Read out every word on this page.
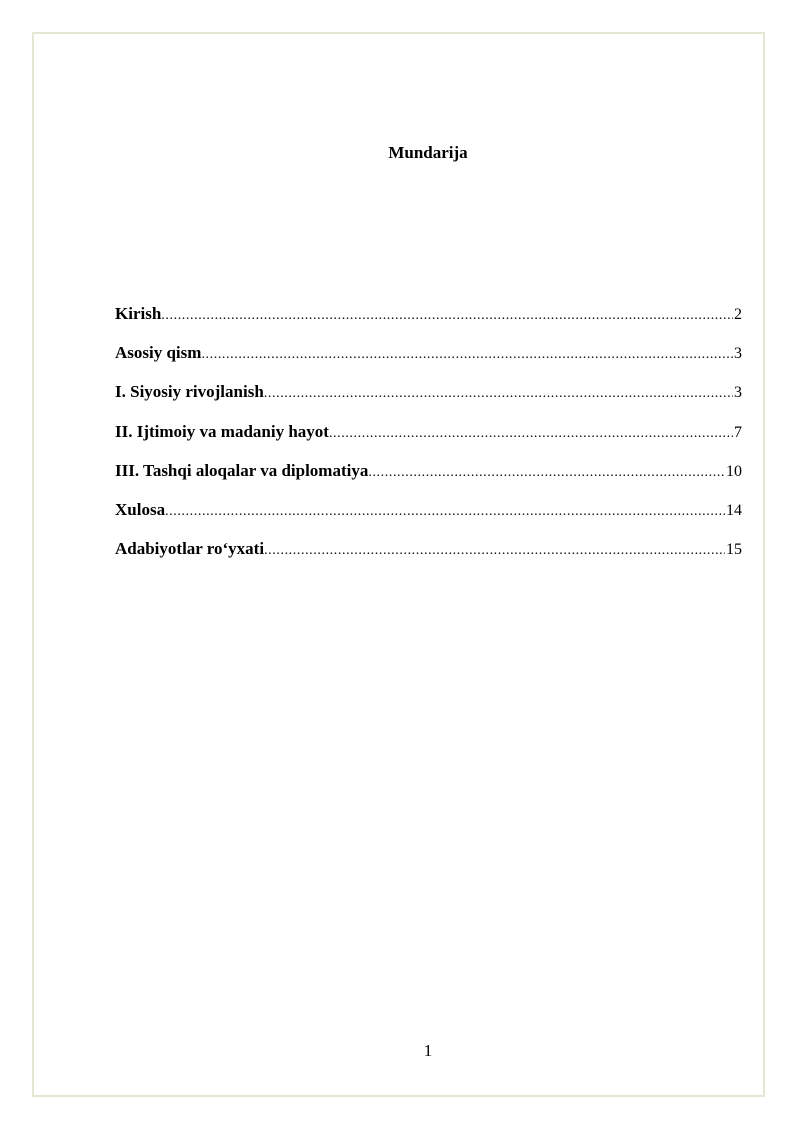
Mundarija
Kirish .....	2
Asosiy qism .....	3
I. Siyosiy rivojlanish .....	3
II. Ijtimoiy va madaniy hayot .....	7
III. Tashqi aloqalar va diplomatiya .....	10
Xulosa .....	14
Adabiyotlar ro‘yxati .....	15

1
